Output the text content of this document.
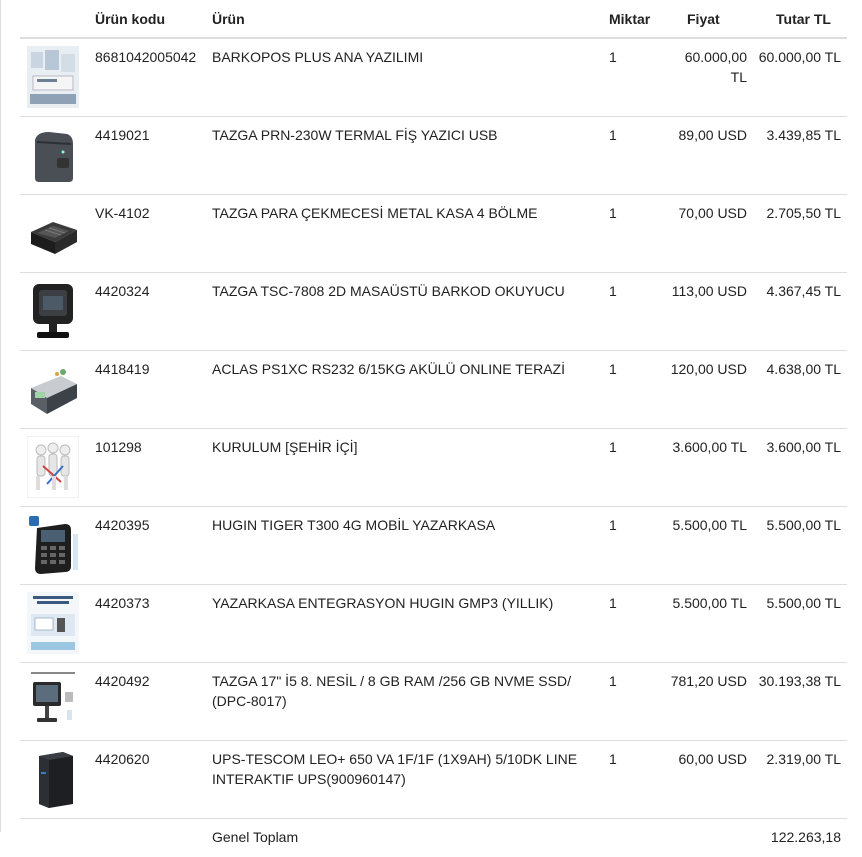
	Ürün kodu	Ürün	Miktar	Fiyat	Tutar TL

	8681042005042	BARKOPOS PLUS ANA YAZILIMI	1	60.000,00 TL	60.000,00 TL

	4419021	TAZGA PRN-230W TERMAL FİŞ YAZICI USB	1	89,00 USD	3.439,85 TL

	VK-4102	TAZGA PARA ÇEKMECESİ METAL KASA 4 BÖLME	1	70,00 USD	2.705,50 TL

	4420324	TAZGA TSC-7808 2D MASAÜSTÜ BARKOD OKUYUCU	1	113,00 USD	4.367,45 TL

	4418419	ACLAS PS1XC RS232 6/15KG AKÜLÜ ONLINE TERAZİ	1	120,00 USD	4.638,00 TL

	101298	KURULUM [ŞEHİR İÇİ]	1	3.600,00 TL	3.600,00 TL

	4420395	HUGIN TIGER T300 4G MOBİL YAZARKASA	1	5.500,00 TL	5.500,00 TL

	4420373	YAZARKASA ENTEGRASYON HUGIN GMP3 (YILLIK)	1	5.500,00 TL	5.500,00 TL

	4420492	TAZGA 17" İ5 8. NESİL / 8 GB RAM /256 GB NVME SSD/ (DPC-8017)	1	781,20 USD	30.193,38 TL

	4420620	UPS-TESCOM LEO+ 650 VA 1F/1F (1X9AH) 5/10DK LINE INTERAKTIF UPS(900960147)	1	60,00 USD	2.319,00 TL
		Genel Toplam			122.263,18
